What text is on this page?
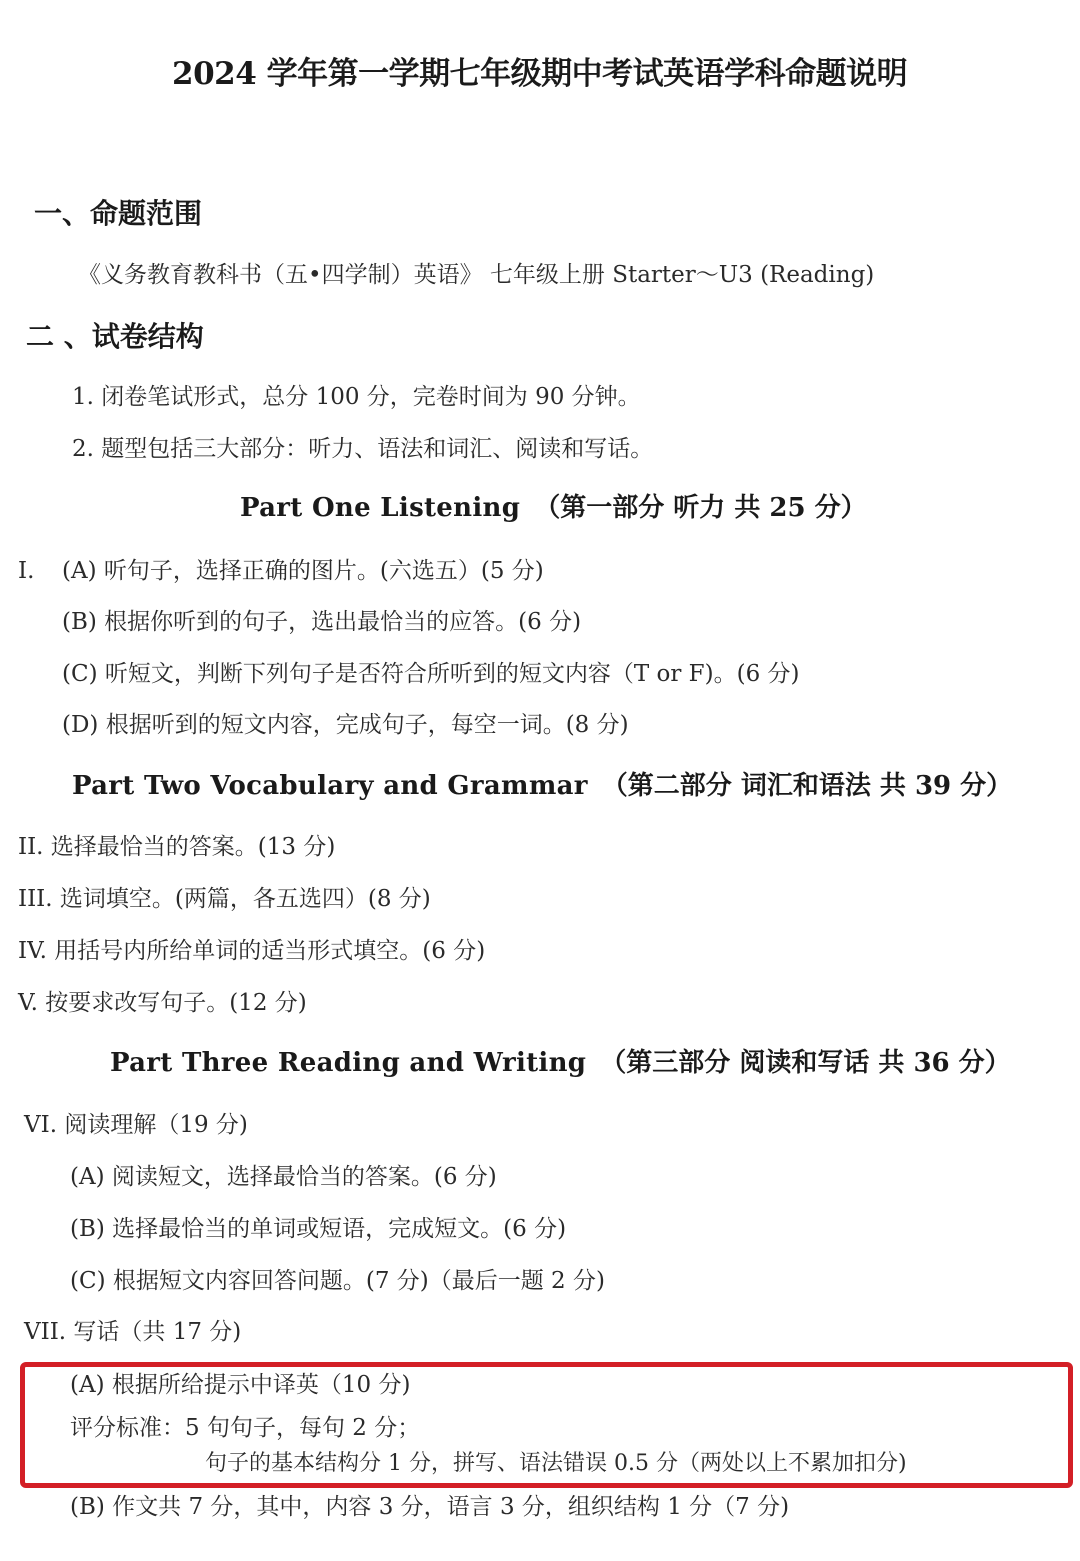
2024 学年第一学期七年级期中考试英语学科命题说明
一、命题范围
《义务教育教科书（五•四学制）英语》 七年级上册 Starter～U3 (Reading)
二 、试卷结构
1. 闭卷笔试形式，总分 100 分，完卷时间为 90 分钟。
2. 题型包括三大部分：听力、语法和词汇、阅读和写话。
Part One Listening （第一部分 听力 共 25 分）
I. (A) 听句子，选择正确的图片。(六选五）(5 分)
(B) 根据你听到的句子，选出最恰当的应答。(6 分)
(C) 听短文，判断下列句子是否符合所听到的短文内容（T or F)。(6 分)
(D) 根据听到的短文内容，完成句子，每空一词。(8 分)
Part Two Vocabulary and Grammar （第二部分 词汇和语法 共 39 分）
II. 选择最恰当的答案。(13 分)
III. 选词填空。(两篇，各五选四）(8 分)
IV. 用括号内所给单词的适当形式填空。(6 分)
V. 按要求改写句子。(12 分)
Part Three Reading and Writing （第三部分 阅读和写话 共 36 分）
VI. 阅读理解（19 分)
(A) 阅读短文，选择最恰当的答案。(6 分)
(B) 选择最恰当的单词或短语，完成短文。(6 分)
(C) 根据短文内容回答问题。(7 分)（最后一题 2 分)
VII. 写话（共 17 分)
(A) 根据所给提示中译英（10 分)
评分标准：5 句句子，每句 2 分；
句子的基本结构分 1 分，拼写、语法错误 0.5 分（两处以上不累加扣分)
(B) 作文共 7 分，其中，内容 3 分，语言 3 分，组织结构 1 分（7 分)
